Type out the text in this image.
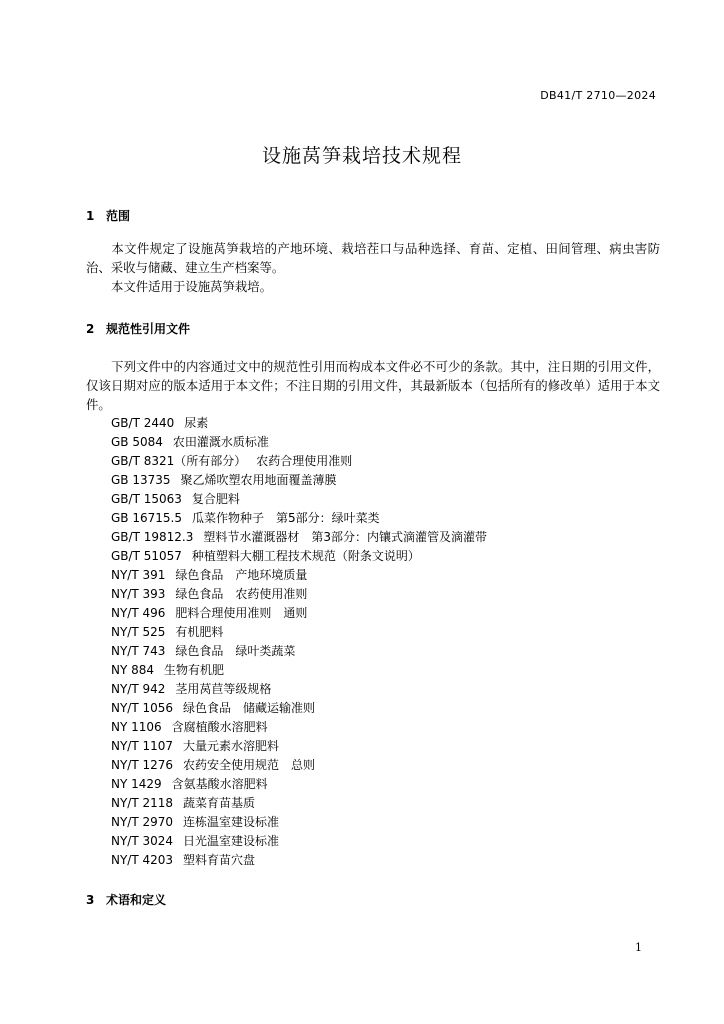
DB41/T 2710—2024
设施莴笋栽培技术规程
1 范围
本文件规定了设施莴笋栽培的产地环境、栽培茬口与品种选择、育苗、定植、田间管理、病虫害防治、采收与储藏、建立生产档案等。
本文件适用于设施莴笋栽培。
2 规范性引用文件
下列文件中的内容通过文中的规范性引用而构成本文件必不可少的条款。其中，注日期的引用文件，仅该日期对应的版本适用于本文件；不注日期的引用文件，其最新版本（包括所有的修改单）适用于本文件。
GB/T 2440 尿素
GB 5084 农田灌溉水质标准
GB/T 8321（所有部分） 农药合理使用准则
GB 13735 聚乙烯吹塑农用地面覆盖薄膜
GB/T 15063 复合肥料
GB 16715.5 瓜菜作物种子　第5部分：绿叶菜类
GB/T 19812.3 塑料节水灌溉器材　第3部分：内镶式滴灌管及滴灌带
GB/T 51057 种植塑料大棚工程技术规范（附条文说明）
NY/T 391 绿色食品　产地环境质量
NY/T 393 绿色食品　农药使用准则
NY/T 496 肥料合理使用准则　通则
NY/T 525 有机肥料
NY/T 743 绿色食品　绿叶类蔬菜
NY 884 生物有机肥
NY/T 942 茎用莴苣等级规格
NY/T 1056 绿色食品　储藏运输准则
NY 1106 含腐植酸水溶肥料
NY/T 1107 大量元素水溶肥料
NY/T 1276 农药安全使用规范　总则
NY 1429 含氨基酸水溶肥料
NY/T 2118 蔬菜育苗基质
NY/T 2970 连栋温室建设标准
NY/T 3024 日光温室建设标准
NY/T 4203 塑料育苗穴盘
3 术语和定义
1
